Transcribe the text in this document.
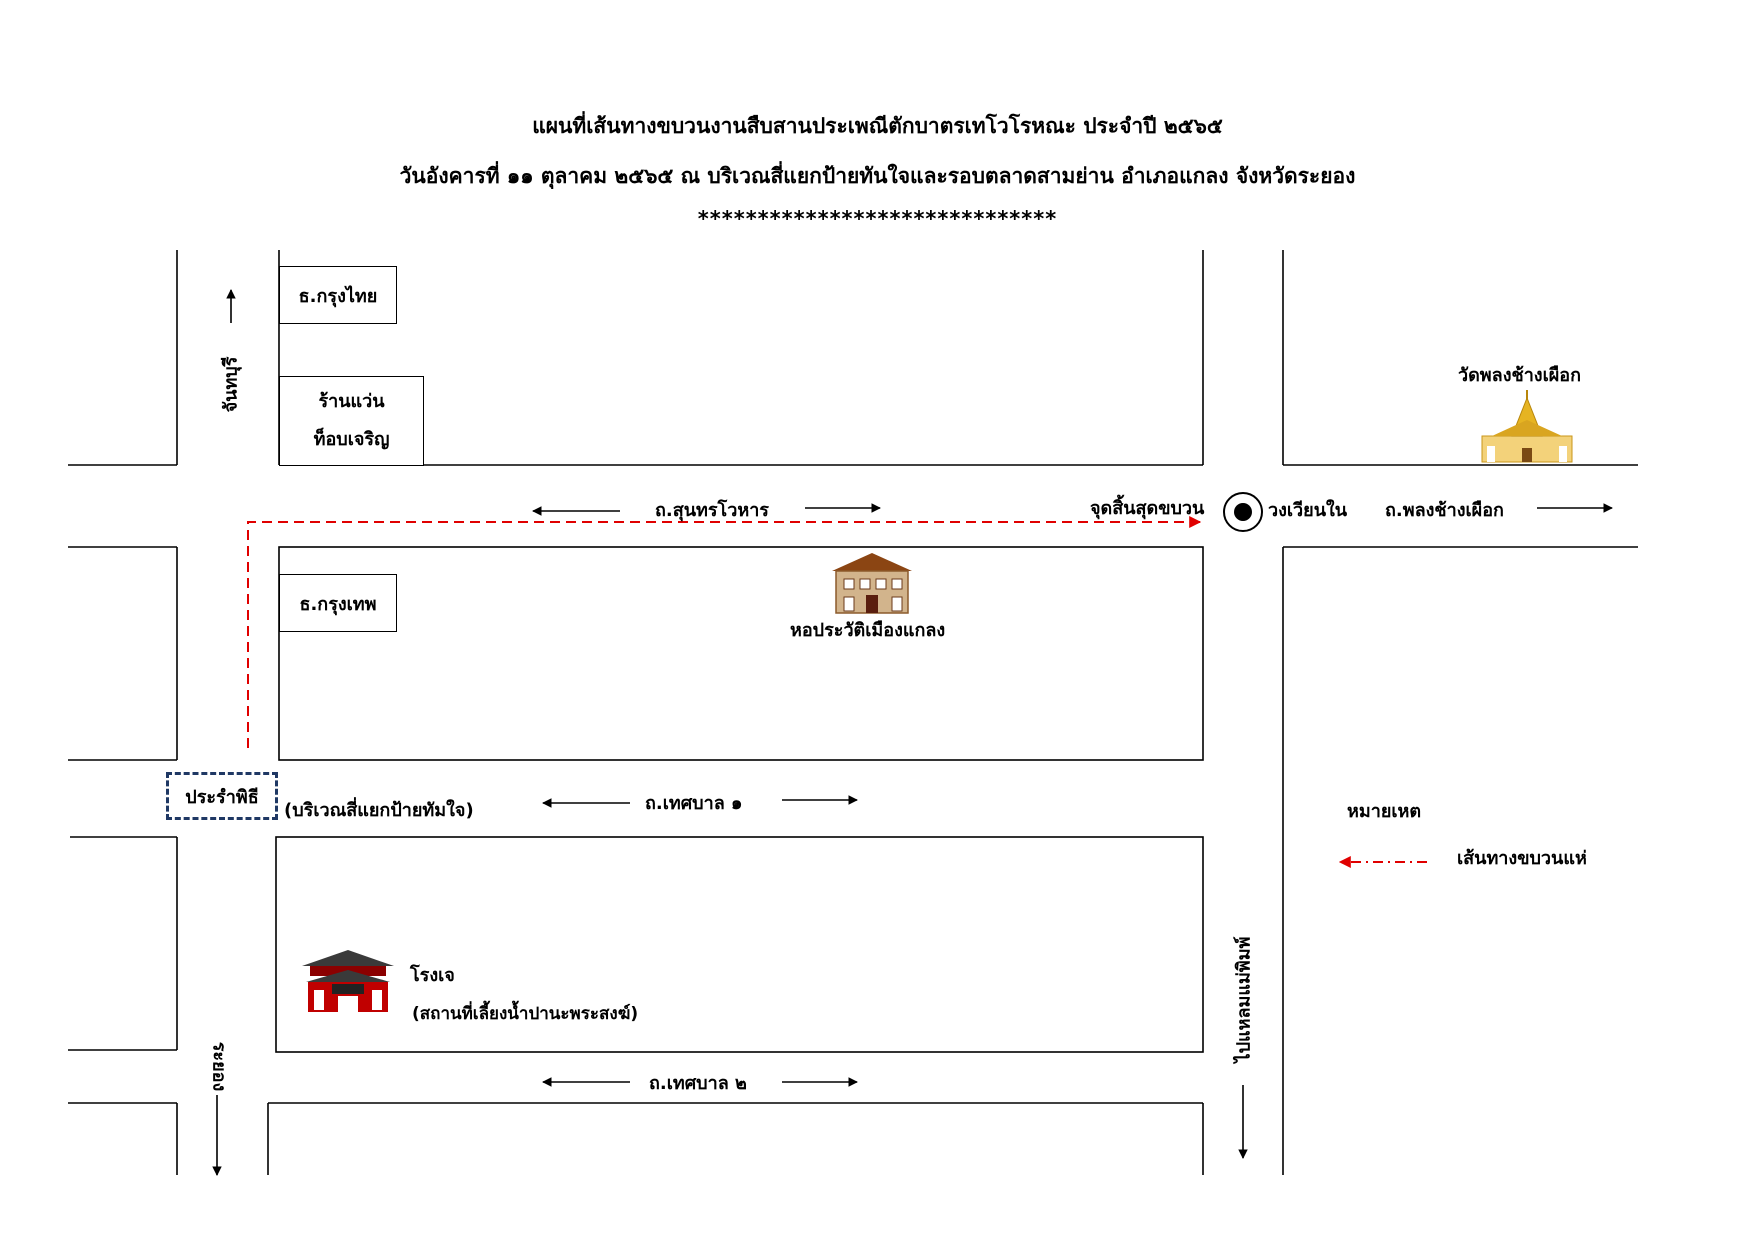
แผนที่เส้นทางขบวนงานสืบสานประเพณีตักบาตรเทโวโรหณะ ประจำปี ๒๕๖๕
วันอังคารที่ ๑๑ ตุลาคม ๒๕๖๕ ณ บริเวณสี่แยกป้ายทันใจและรอบตลาดสามย่าน อำเภอแกลง จังหวัดระยอง
******************************
ธ.กรุงไทย
ร้านแว่น
ท็อบเจริญ
ธ.กรุงเทพ
ประรำพิธี
(บริเวณสี่แยกป้ายทัมใจ)
ถ.สุนทรโวหาร	จุดสิ้นสุดขบวน	วงเวียนใน ถ.พลงช้างเผือก
วัดพลงช้างเผือก
หอประวัติเมืองแกลง
ถ.เทศบาล ๑
ถ.เทศบาล ๒
โรงเจ
(สถานที่เลี้ยงน้ำปานะพระสงฆ์)
หมายเหต
เส้นทางขบวนแห่
จันทบุรี
ระยอง
ไปแหลมแม่พิมพ์
